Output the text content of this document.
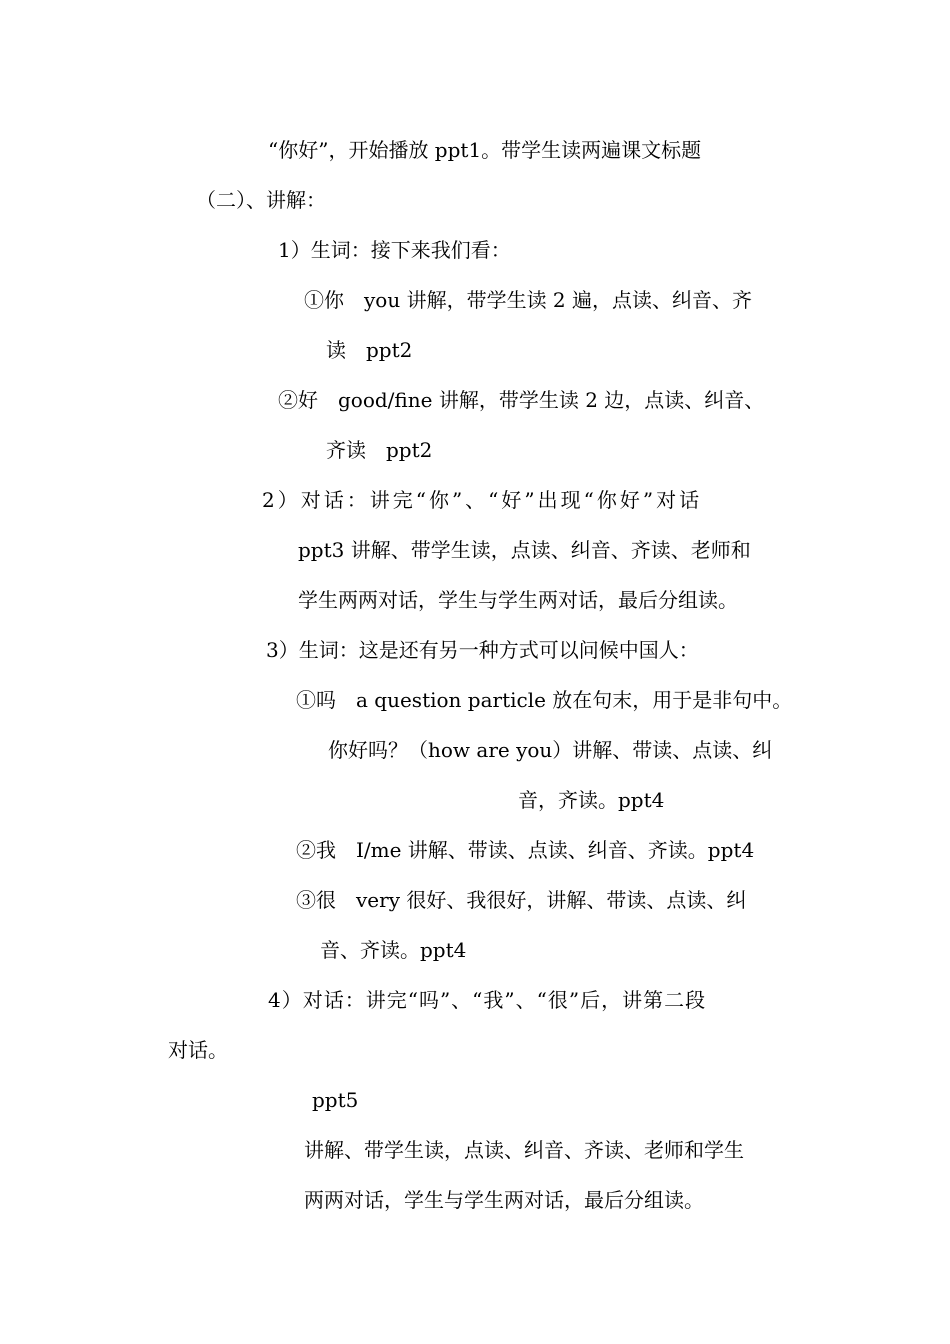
“你好”，开始播放 ppt1。带学生读两遍课文标题
（二）、讲解：
1）生词：接下来我们看：
①你　you 讲解，带学生读 2 遍，点读、纠音、齐
读　ppt2
②好　good/fine 讲解，带学生读 2 边，点读、纠音、
齐读　ppt2
2）对话：讲完“你”、“好”出现“你好”对话
ppt3 讲解、带学生读，点读、纠音、齐读、老师和
学生两两对话，学生与学生两对话，最后分组读。
3）生词：这是还有另一种方式可以问候中国人：
①吗　a question particle 放在句末，用于是非句中。
你好吗？（how are you）讲解、带读、点读、纠
音，齐读。ppt4
②我　I/me 讲解、带读、点读、纠音、齐读。ppt4
③很　very 很好、我很好，讲解、带读、点读、纠
音、齐读。ppt4
4）对话：讲完“吗”、“我”、“很”后，讲第二段
对话。
ppt5
讲解、带学生读，点读、纠音、齐读、老师和学生
两两对话，学生与学生两对话，最后分组读。
